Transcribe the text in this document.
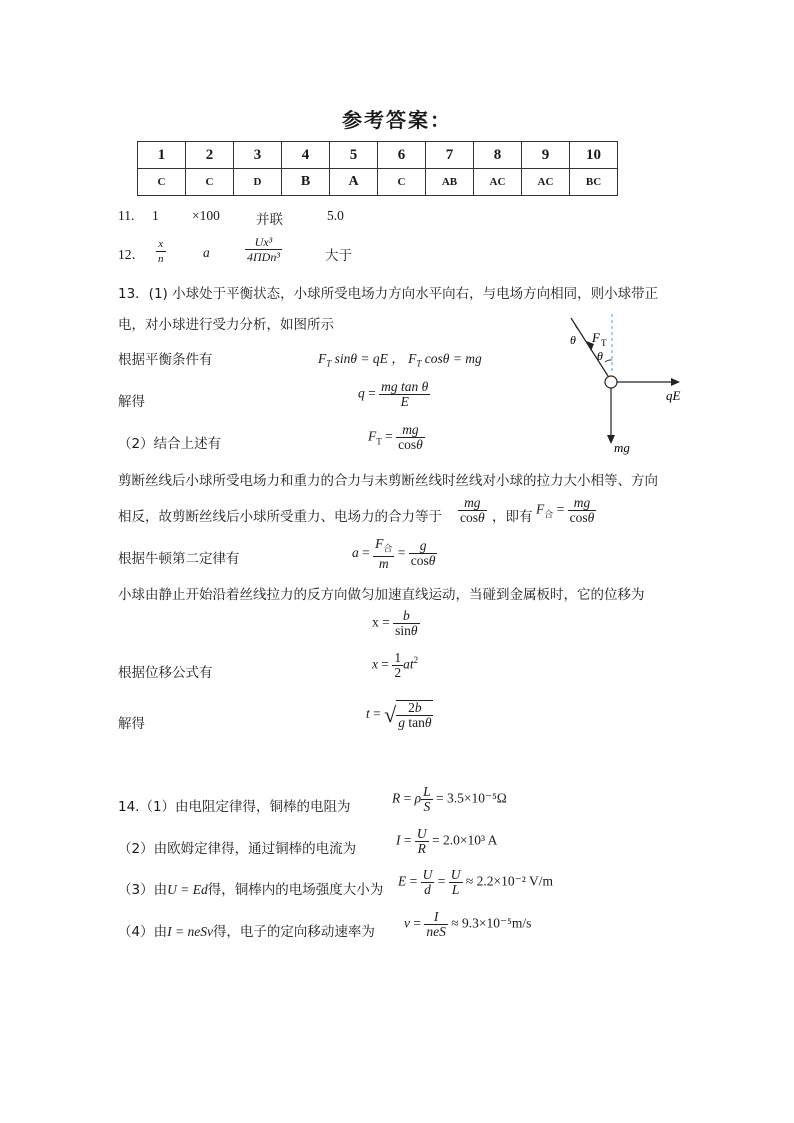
参考答案：
1	2	3	4	5	6	7	8	9	10
C	C	D	B	A	C	AB	AC	AC	BC
11. 1 ×100	并联	5.0
12． $\frac{x}{n}$	a	$\frac{\text{Ux³}}{\text{4ΠDn³}}$	大于
13．(1) 小球处于平衡状态，小球所受电场力方向水平向右，与电场方向相同，则小球带正
电，对小球进行受力分析，如图所示
θ
θ
F T
qE
mg
根据平衡条件有	$F_T$ sinθ = qE ， $F_T$ cosθ = mg
解得
$q = \frac{\text{mg tan θ}}{E}$
（2）结合上述有	$F_T = \frac{mg}{\cos\theta}$
剪断丝线后小球所受电场力和重力的合力与未剪断丝线时丝线对小球的拉力大小相等、方向
相反，故剪断丝线后小球所受重力、电场力的合力等于 $\frac{mg}{\cos\theta}$ ，即有 $F_合 = \frac{mg}{\cos\theta}$
根据牛顿第二定律有	$a = \frac{F_合}{m} = \frac{g}{\cos\theta}$
小球由静止开始沿着丝线拉力的反方向做匀加速直线运动，当碰到金属板时，它的位移为
$x = \frac{b}{\sin\theta}$
根据位移公式有
$x = \frac{1}{2} at^2$
解得
t = √ $\frac{2b}{\text{g tanθ}}$
14.（1）由电阻定律得，铜棒的电阻为
R = ρ $\frac{L}{S} = 3.5\times 10^{-5}\Omega$
（2）由欧姆定律得，通过铜棒的电流为
$I = \frac{U}{R} = 2.0\times 10^3$ A
（3）由U = Ed得，铜棒内的电场强度大小为
$E = \frac{U}{d} = \frac{U}{L} \approx 2.2\times 10^{-2}$ V/m
（4）由I = neSv得，电子的定向移动速率为
$v = \frac{I}{\text{neS}} \approx 9.3\times 10^{-5}m/s$
